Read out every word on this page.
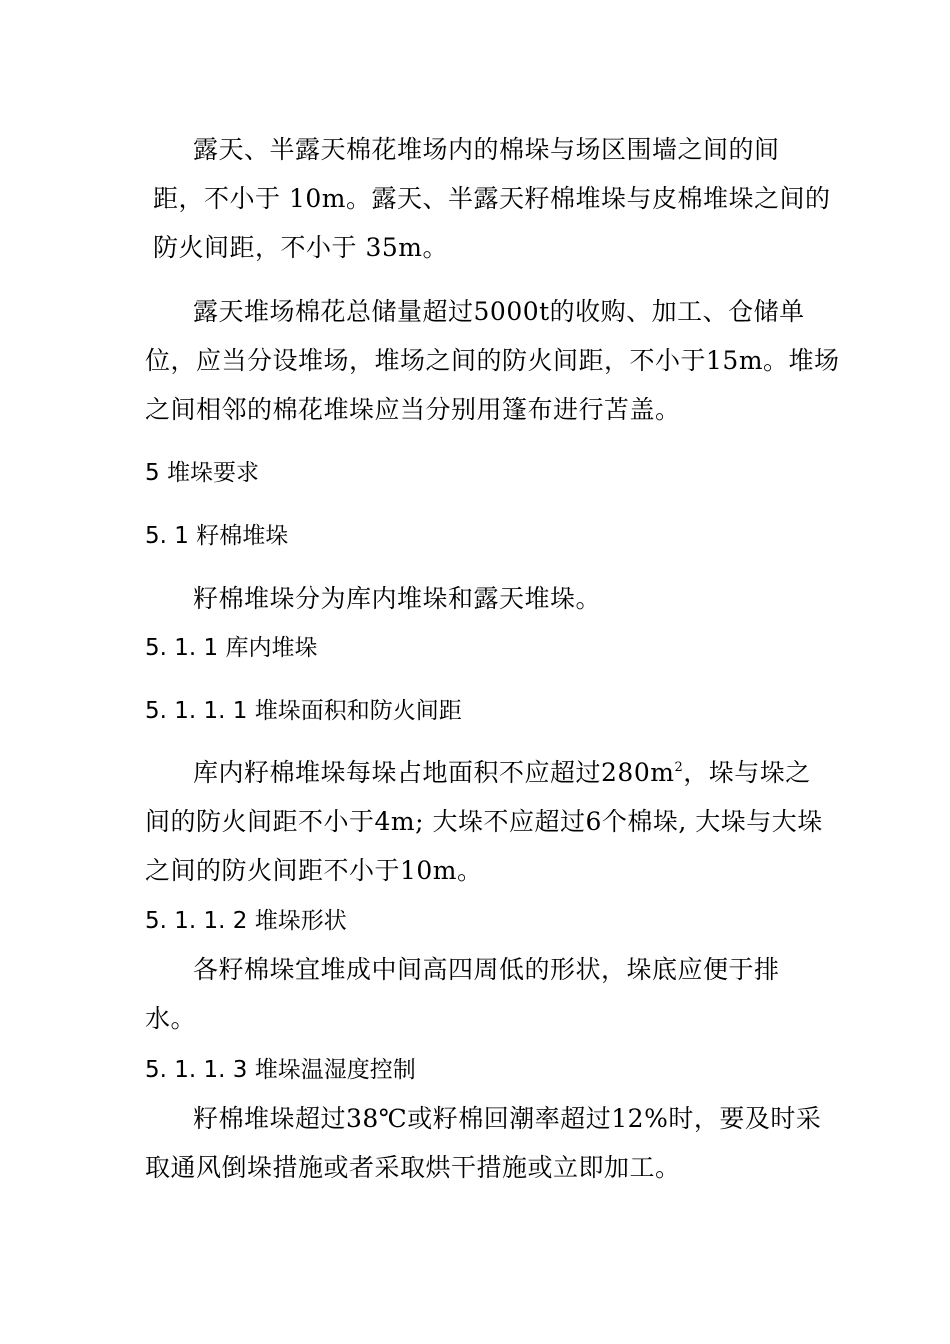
露天、半露天棉花堆场内的棉垛与场区围墙之间的间
距，不小于 10m。露天、半露天籽棉堆垛与皮棉堆垛之间的
防火间距，不小于 35m。
露天堆场棉花总储量超过5000t的收购、加工、仓储单
位，应当分设堆场，堆场之间的防火间距，不小于15m。堆场
之间相邻的棉花堆垛应当分别用篷布进行苫盖。
5 堆垛要求
5. 1 籽棉堆垛
籽棉堆垛分为库内堆垛和露天堆垛。
5. 1. 1 库内堆垛
5. 1. 1. 1 堆垛面积和防火间距
库内籽棉堆垛每垛占地面积不应超过$280m^2$，垛与垛之
间的防火间距不小于4m; 大垛不应超过6个棉垛, 大垛与大垛
之间的防火间距不小于10m。
5. 1. 1. 2 堆垛形状
各籽棉垛宜堆成中间高四周低的形状，垛底应便于排
水。
5. 1. 1. 3 堆垛温湿度控制
籽棉堆垛超过38℃或籽棉回潮率超过12%时，要及时采
取通风倒垛措施或者采取烘干措施或立即加工。
